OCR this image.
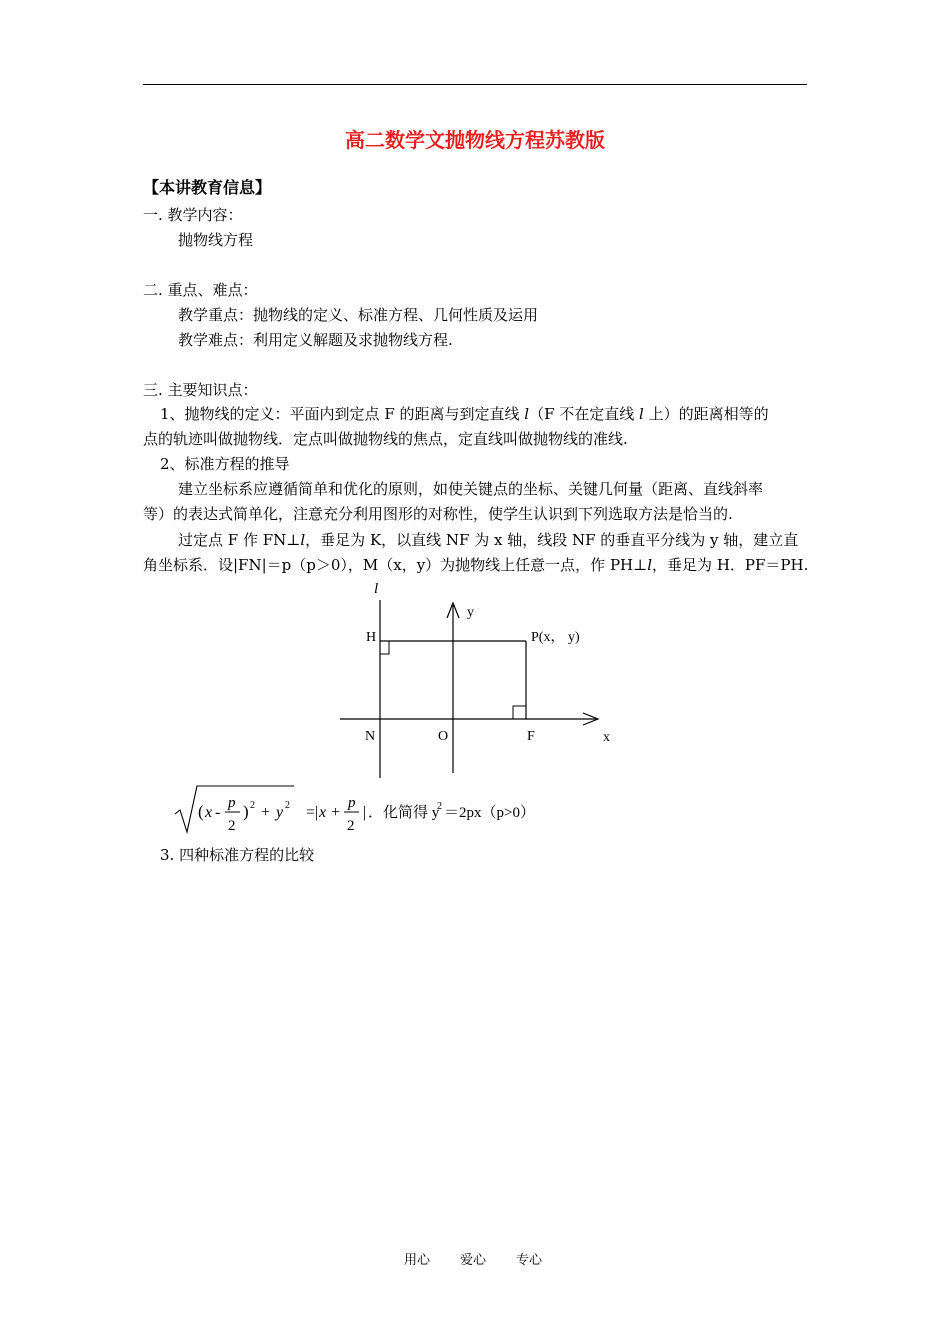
高二数学文抛物线方程苏教版
【本讲教育信息】
一. 教学内容：
抛物线方程
二. 重点、难点：
教学重点：抛物线的定义、标准方程、几何性质及运用
教学难点：利用定义解题及求抛物线方程.
三. 主要知识点：
1、抛物线的定义：平面内到定点 F 的距离与到定直线 l（F 不在定直线 l 上）的距离相等的
点的轨迹叫做抛物线．定点叫做抛物线的焦点，定直线叫做抛物线的准线.
2、标准方程的推导
建立坐标系应遵循简单和优化的原则，如使关键点的坐标、关键几何量（距离、直线斜率
等）的表达式简单化，注意充分利用图形的对称性，使学生认识到下列选取方法是恰当的.
过定点 F 作 FN⊥l，垂足为 K，以直线 NF 为 x 轴，线段 NF 的垂直平分线为 y 轴，建立直
角坐标系．设|FN|＝p（p＞0），M（x，y）为抛物线上任意一点，作 PH⊥l，垂足为 H．PF＝PH.
l
y
H	P(x， y)
N	O	F	x
( x -
p
2
) 2 + y 2 =| x +
p
2
| ．化简得 y
2 ＝2px（p>0）
3. 四种标准方程的比较
用心 爱心 专心
